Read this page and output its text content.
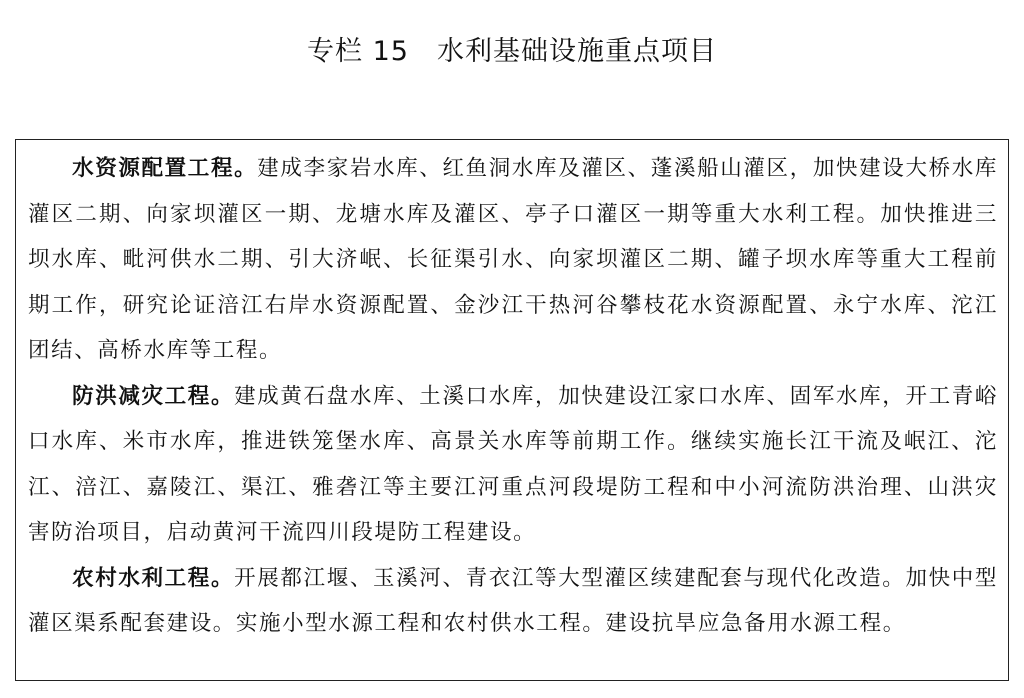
专栏 15　水利基础设施重点项目

水资源配置工程。建成李家岩水库、红鱼洞水库及灌区、蓬溪船山灌区，加快建设大桥水库灌区二期、向家坝灌区一期、龙塘水库及灌区、亭子口灌区一期等重大水利工程。加快推进三坝水库、毗河供水二期、引大济岷、长征渠引水、向家坝灌区二期、罐子坝水库等重大工程前期工作，研究论证涪江右岸水资源配置、金沙江干热河谷攀枝花水资源配置、永宁水库、沱江团结、高桥水库等工程。

防洪减灾工程。建成黄石盘水库、土溪口水库，加快建设江家口水库、固军水库，开工青峪口水库、米市水库，推进铁笼堡水库、高景关水库等前期工作。继续实施长江干流及岷江、沱江、涪江、嘉陵江、渠江、雅砻江等主要江河重点河段堤防工程和中小河流防洪治理、山洪灾害防治项目，启动黄河干流四川段堤防工程建设。

农村水利工程。开展都江堰、玉溪河、青衣江等大型灌区续建配套与现代化改造。加快中型灌区渠系配套建设。实施小型水源工程和农村供水工程。建设抗旱应急备用水源工程。
